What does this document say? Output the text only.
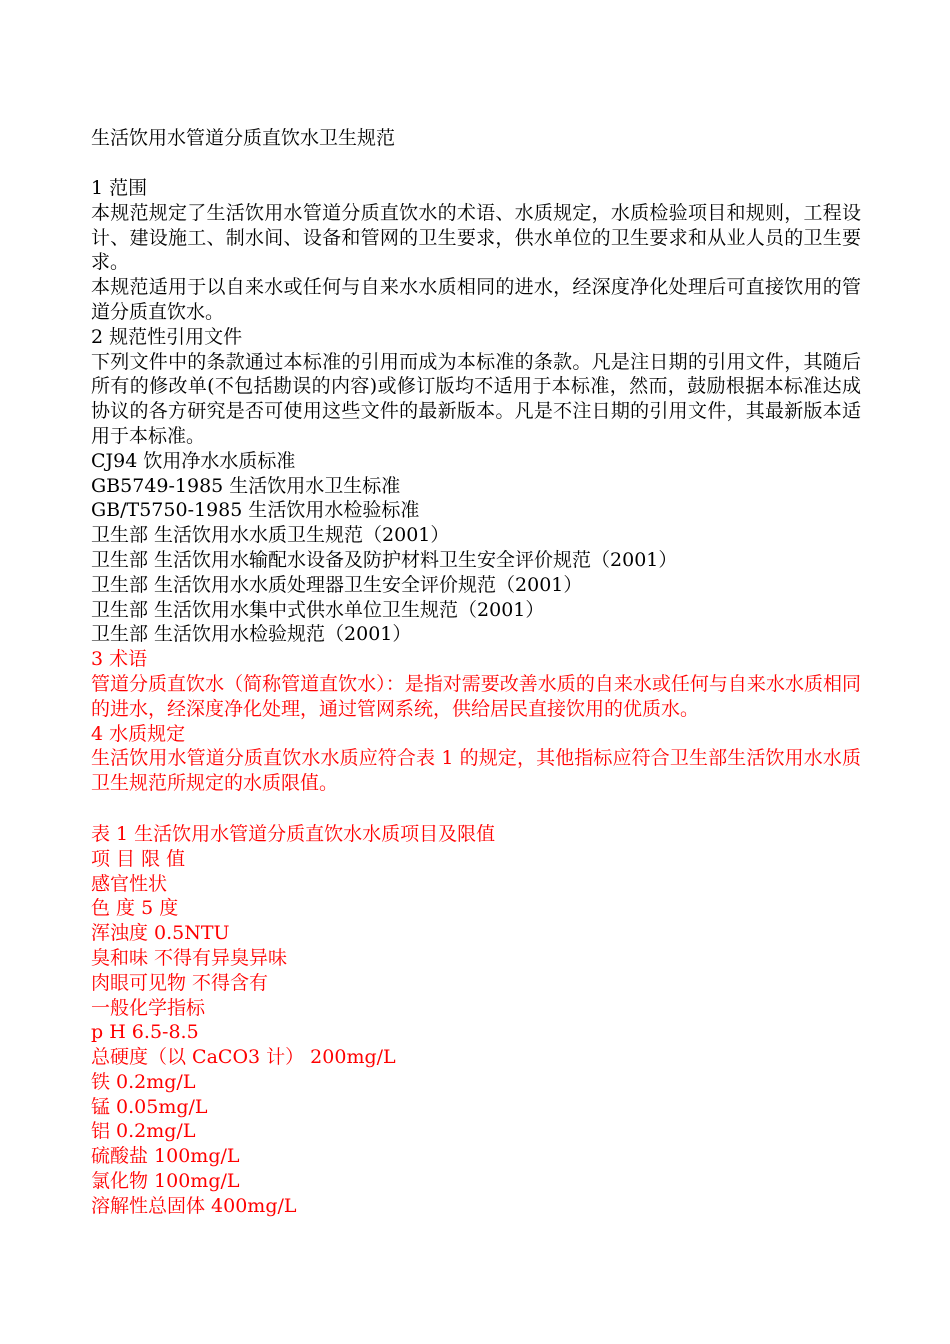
生活饮用水管道分质直饮水卫生规范

1 范围

本规范规定了生活饮用水管道分质直饮水的术语、水质规定，水质检验项目和规则，工程设计、建设施工、制水间、设备和管网的卫生要求，供水单位的卫生要求和从业人员的卫生要求。

本规范适用于以自来水或任何与自来水水质相同的进水，经深度净化处理后可直接饮用的管道分质直饮水。

2 规范性引用文件

下列文件中的条款通过本标准的引用而成为本标准的条款。凡是注日期的引用文件，其随后所有的修改单(不包括勘误的内容)或修订版均不适用于本标准，然而，鼓励根据本标准达成协议的各方研究是否可使用这些文件的最新版本。凡是不注日期的引用文件，其最新版本适用于本标准。

CJ94 饮用净水水质标准

GB5749-1985 生活饮用水卫生标准

GB/T5750-1985 生活饮用水检验标准

卫生部 生活饮用水水质卫生规范（2001）

卫生部 生活饮用水输配水设备及防护材料卫生安全评价规范（2001）

卫生部 生活饮用水水质处理器卫生安全评价规范（2001）

卫生部 生活饮用水集中式供水单位卫生规范（2001）

卫生部 生活饮用水检验规范（2001）

3 术语

管道分质直饮水（简称管道直饮水）：是指对需要改善水质的自来水或任何与自来水水质相同的进水，经深度净化处理，通过管网系统，供给居民直接饮用的优质水。

4 水质规定

生活饮用水管道分质直饮水水质应符合表 1 的规定，其他指标应符合卫生部生活饮用水水质卫生规范所规定的水质限值。

表 1 生活饮用水管道分质直饮水水质项目及限值

项 目 限 值

感官性状

色 度 5 度

浑浊度 0.5NTU

臭和味 不得有异臭异味

肉眼可见物 不得含有

一般化学指标

p H 6.5-8.5

总硬度（以 CaCO3 计） 200mg/L

铁 0.2mg/L

锰 0.05mg/L

铝 0.2mg/L

硫酸盐 100mg/L

氯化物 100mg/L

溶解性总固体 400mg/L
